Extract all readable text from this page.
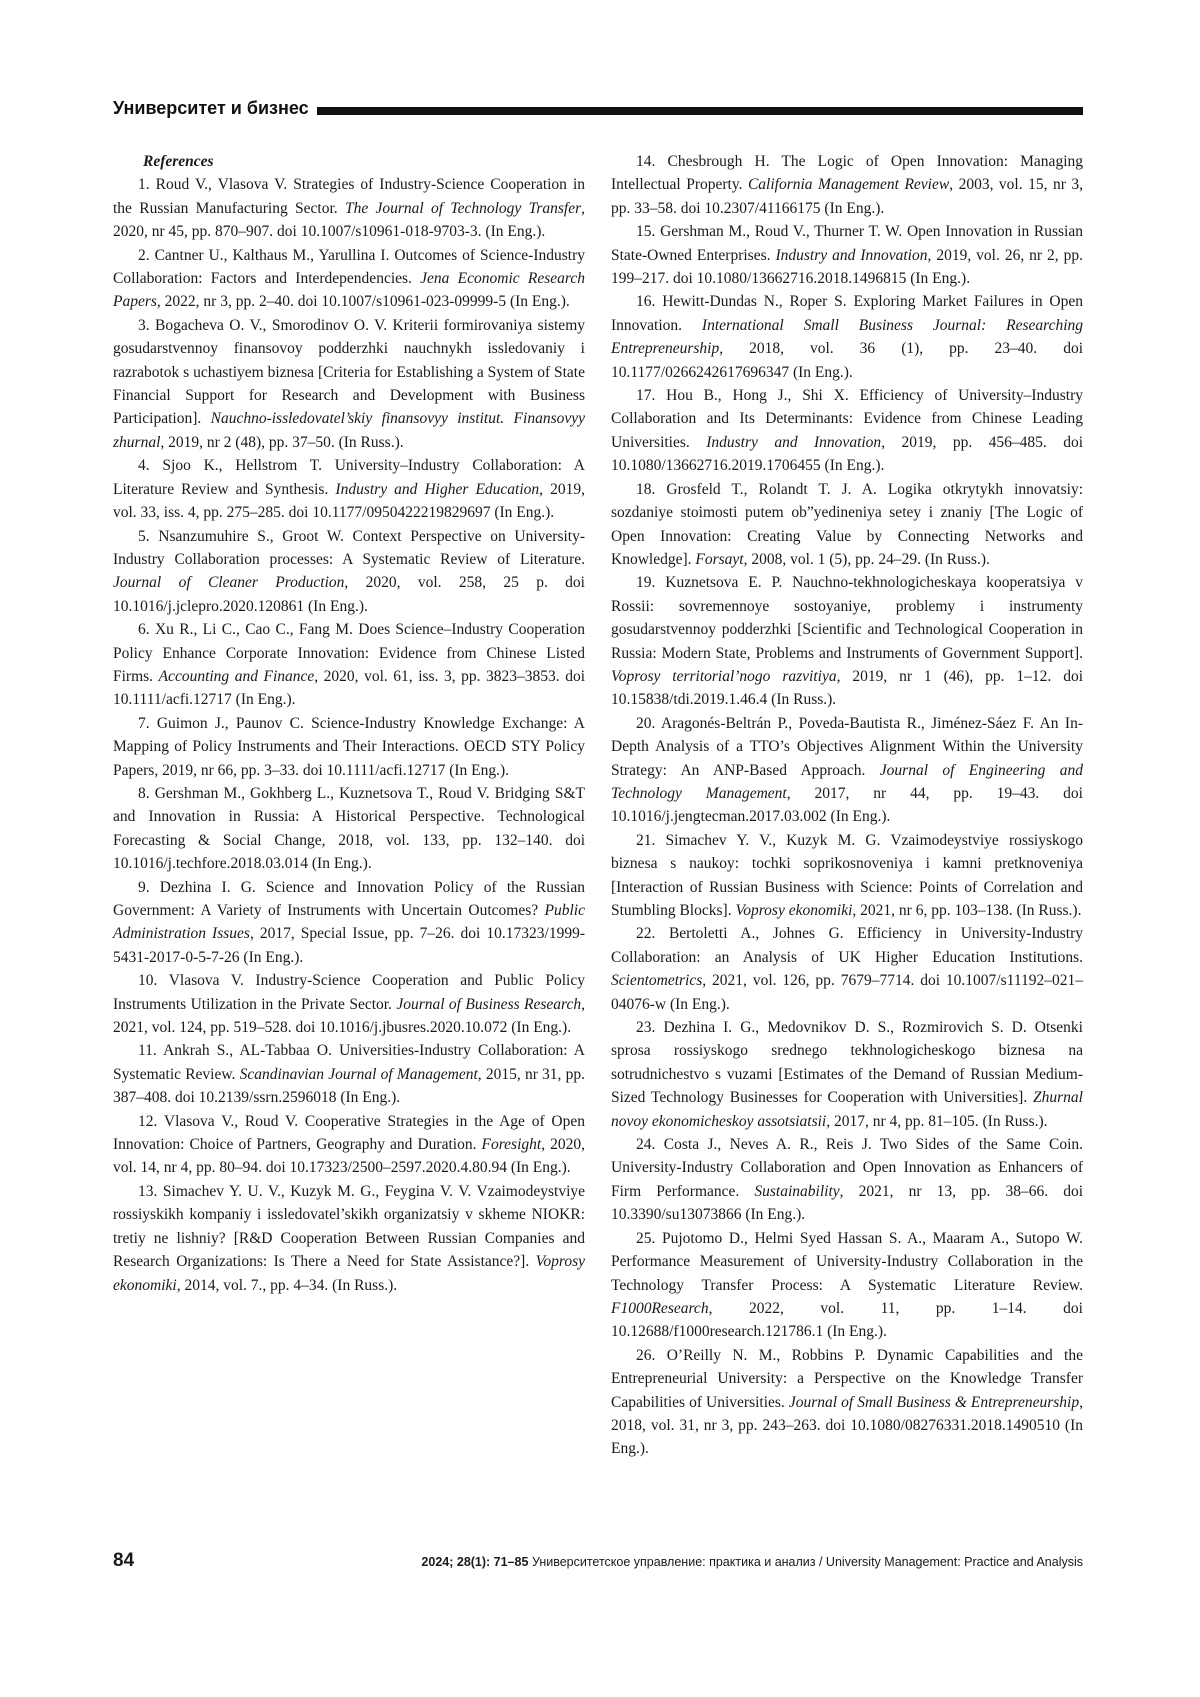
Университет и бизнес

References

1. Roud V., Vlasova V. Strategies of Industry-Science Cooperation in the Russian Manufacturing Sector. The Journal of Technology Transfer, 2020, nr 45, pp. 870–907. doi 10.1007/s10961-018-9703-3. (In Eng.).

2. Cantner U., Kalthaus M., Yarullina I. Outcomes of Science-Industry Collaboration: Factors and Interdependencies. Jena Economic Research Papers, 2022, nr 3, pp. 2–40. doi 10.1007/s10961-023-09999-5 (In Eng.).

3. Bogacheva O. V., Smorodinov O. V. Kriterii formirovaniya sistemy gosudarstvennoy finansovoy podderzhki nauchnykh issledovaniy i razrabotok s uchastiyem biznesa [Criteria for Establishing a System of State Financial Support for Research and Development with Business Participation]. Nauchno-issledovatel’skiy finansovyy institut. Finansovyy zhurnal, 2019, nr 2 (48), pp. 37–50. (In Russ.).

4. Sjoo K., Hellstrom T. University–Industry Collaboration: A Literature Review and Synthesis. Industry and Higher Education, 2019, vol. 33, iss. 4, pp. 275–285. doi 10.1177/0950422219829697 (In Eng.).

5. Nsanzumuhire S., Groot W. Context Perspective on University-Industry Collaboration processes: A Systematic Review of Literature. Journal of Cleaner Production, 2020, vol. 258, 25 p. doi 10.1016/j.jclepro.2020.120861 (In Eng.).

6. Xu R., Li C., Cao C., Fang M. Does Science–Industry Cooperation Policy Enhance Corporate Innovation: Evidence from Chinese Listed Firms. Accounting and Finance, 2020, vol. 61, iss. 3, pp. 3823–3853. doi 10.1111/acfi.12717 (In Eng.).

7. Guimon J., Paunov C. Science-Industry Knowledge Exchange: A Mapping of Policy Instruments and Their Interactions. OECD STY Policy Papers, 2019, nr 66, pp. 3–33. doi 10.1111/acfi.12717 (In Eng.).

8. Gershman M., Gokhberg L., Kuznetsova T., Roud V. Bridging S&T and Innovation in Russia: A Historical Perspective. Technological Forecasting & Social Change, 2018, vol. 133, pp. 132–140. doi 10.1016/j.techfore.2018.03.014 (In Eng.).

9. Dezhina I. G. Science and Innovation Policy of the Russian Government: A Variety of Instruments with Uncertain Outcomes? Public Administration Issues, 2017, Special Issue, pp. 7–26. doi 10.17323/1999-5431-2017-0-5-7-26 (In Eng.).

10. Vlasova V. Industry-Science Cooperation and Public Policy Instruments Utilization in the Private Sector. Journal of Business Research, 2021, vol. 124, pp. 519–528. doi 10.1016/j.jbusres.2020.10.072 (In Eng.).

11. Ankrah S., AL-Tabbaa O. Universities-Industry Collaboration: A Systematic Review. Scandinavian Journal of Management, 2015, nr 31, pp. 387–408. doi 10.2139/ssrn.2596018 (In Eng.).

12. Vlasova V., Roud V. Cooperative Strategies in the Age of Open Innovation: Choice of Partners, Geography and Duration. Foresight, 2020, vol. 14, nr 4, pp. 80–94. doi 10.17323/2500–2597.2020.4.80.94 (In Eng.).

13. Simachev Y. U. V., Kuzyk M. G., Feygina V. V. Vzaimodeystviye rossiyskikh kompaniy i issledovatel’skikh organizatsiy v skheme NIOKR: tretiy ne lishniy? [R&D Cooperation Between Russian Companies and Research Organizations: Is There a Need for State Assistance?]. Voprosy ekonomiki, 2014, vol. 7., pp. 4–34. (In Russ.).

14. Chesbrough H. The Logic of Open Innovation: Managing Intellectual Property. California Management Review, 2003, vol. 15, nr 3, pp. 33–58. doi 10.2307/41166175 (In Eng.).

15. Gershman M., Roud V., Thurner T. W. Open Innovation in Russian State-Owned Enterprises. Industry and Innovation, 2019, vol. 26, nr 2, pp. 199–217. doi 10.1080/13662716.2018.1496815 (In Eng.).

16. Hewitt-Dundas N., Roper S. Exploring Market Failures in Open Innovation. International Small Business Journal: Researching Entrepreneurship, 2018, vol. 36 (1), pp. 23–40. doi 10.1177/0266242617696347 (In Eng.).

17. Hou B., Hong J., Shi X. Efficiency of University–Industry Collaboration and Its Determinants: Evidence from Chinese Leading Universities. Industry and Innovation, 2019, pp. 456–485. doi 10.1080/13662716.2019.1706455 (In Eng.).

18. Grosfeld T., Rolandt T. J. A. Logika otkrytykh innovatsiy: sozdaniye stoimosti putem ob”yedineniya setey i znaniy [The Logic of Open Innovation: Creating Value by Connecting Networks and Knowledge]. Forsayt, 2008, vol. 1 (5), pp. 24–29. (In Russ.).

19. Kuznetsova E. P. Nauchno-tekhnologicheskaya kooperatsiya v Rossii: sovremennoye sostoyaniye, problemy i instrumenty gosudarstvennoy podderzhki [Scientific and Technological Cooperation in Russia: Modern State, Problems and Instruments of Government Support]. Voprosy territorial’nogo razvitiya, 2019, nr 1 (46), pp. 1–12. doi 10.15838/tdi.2019.1.46.4 (In Russ.).

20. Aragonés-Beltrán P., Poveda-Bautista R., Jiménez-Sáez F. An In-Depth Analysis of a TTO’s Objectives Alignment Within the University Strategy: An ANP-Based Approach. Journal of Engineering and Technology Management, 2017, nr 44, pp. 19–43. doi 10.1016/j.jengtecman.2017.03.002 (In Eng.).

21. Simachev Y. V., Kuzyk M. G. Vzaimodeystviye rossiyskogo biznesa s naukoy: tochki soprikosnoveniya i kamni pretknoveniya [Interaction of Russian Business with Science: Points of Correlation and Stumbling Blocks]. Voprosy ekonomiki, 2021, nr 6, pp. 103–138. (In Russ.).

22. Bertoletti A., Johnes G. Efficiency in University-Industry Collaboration: an Analysis of UK Higher Education Institutions. Scientometrics, 2021, vol. 126, pp. 7679–7714. doi 10.1007/s11192–021–04076-w (In Eng.).

23. Dezhina I. G., Medovnikov D. S., Rozmirovich S. D. Otsenki sprosa rossiyskogo srednego tekhnologicheskogo biznesa na sotrudnichestvo s vuzami [Estimates of the Demand of Russian Medium-Sized Technology Businesses for Cooperation with Universities]. Zhurnal novoy ekonomicheskoy assotsiatsii, 2017, nr 4, pp. 81–105. (In Russ.).

24. Costa J., Neves A. R., Reis J. Two Sides of the Same Coin. University-Industry Collaboration and Open Innovation as Enhancers of Firm Performance. Sustainability, 2021, nr 13, pp. 38–66. doi 10.3390/su13073866 (In Eng.).

25. Pujotomo D., Helmi Syed Hassan S. A., Maaram A., Sutopo W. Performance Measurement of University-Industry Collaboration in the Technology Transfer Process: A Systematic Literature Review. F1000Research, 2022, vol. 11, pp. 1–14. doi 10.12688/f1000research.121786.1 (In Eng.).

26. O’Reilly N. M., Robbins P. Dynamic Capabilities and the Entrepreneurial University: a Perspective on the Knowledge Transfer Capabilities of Universities. Journal of Small Business & Entrepreneurship, 2018, vol. 31, nr 3, pp. 243–263. doi 10.1080/08276331.2018.1490510 (In Eng.).

84	2024; 28(1): 71–85 Университетское управление: практика и анализ / University Management: Practice and Analysis
